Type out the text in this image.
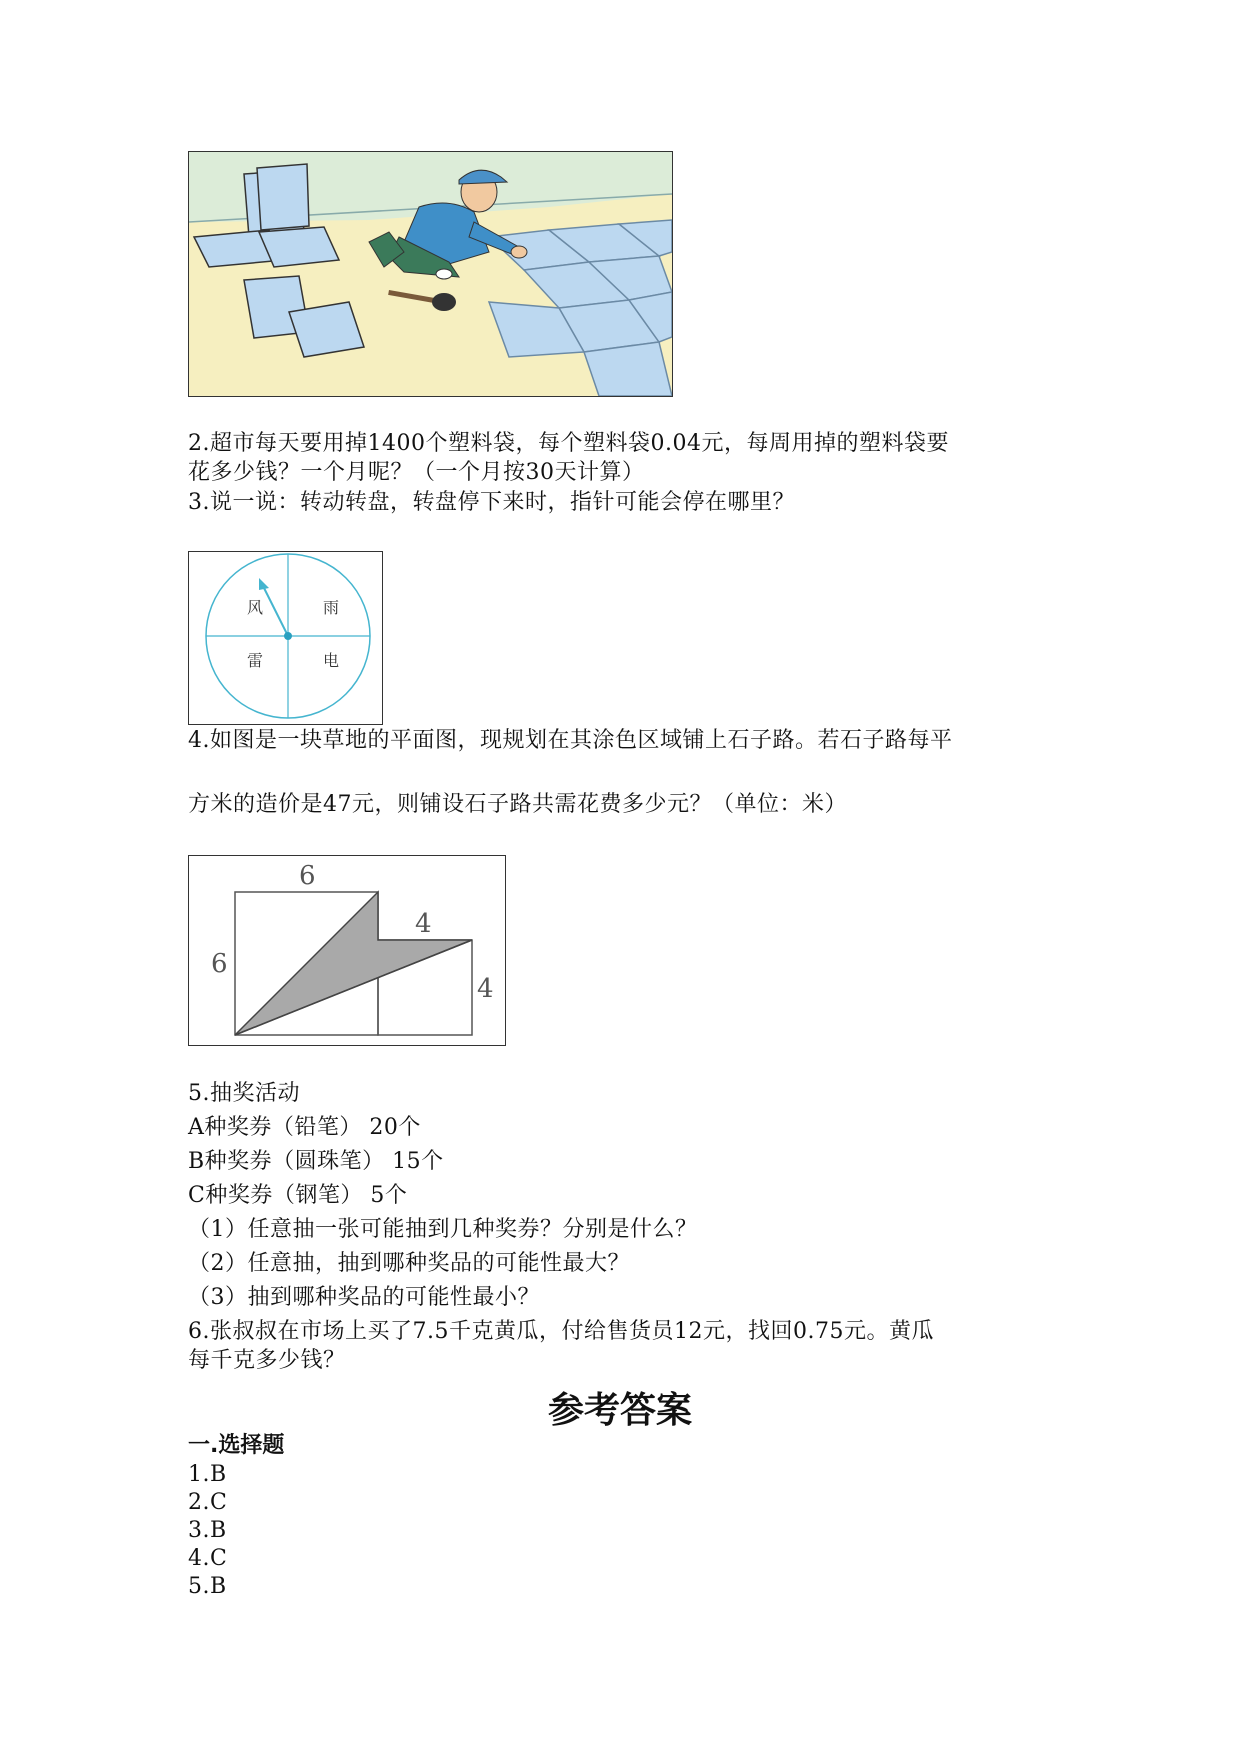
2.超市每天要用掉1400个塑料袋，每个塑料袋0.04元，每周用掉的塑料袋要
花多少钱？一个月呢？（一个月按30天计算）
3.说一说：转动转盘，转盘停下来时，指针可能会停在哪里？
风	雨
雷	电
4.如图是一块草地的平面图，现规划在其涂色区域铺上石子路。若石子路每平
方米的造价是47元，则铺设石子路共需花费多少元？（单位：米）
6
6
4
4
5.抽奖活动
A种奖券（铅笔） 20个
B种奖券（圆珠笔） 15个
C种奖券（钢笔） 5个
（1）任意抽一张可能抽到几种奖券？分别是什么？
（2）任意抽，抽到哪种奖品的可能性最大？
（3）抽到哪种奖品的可能性最小？
6.张叔叔在市场上买了7.5千克黄瓜，付给售货员12元，找回0.75元。黄瓜
每千克多少钱？
参考答案
一.选择题
1.B
2.C
3.B
4.C
5.B
